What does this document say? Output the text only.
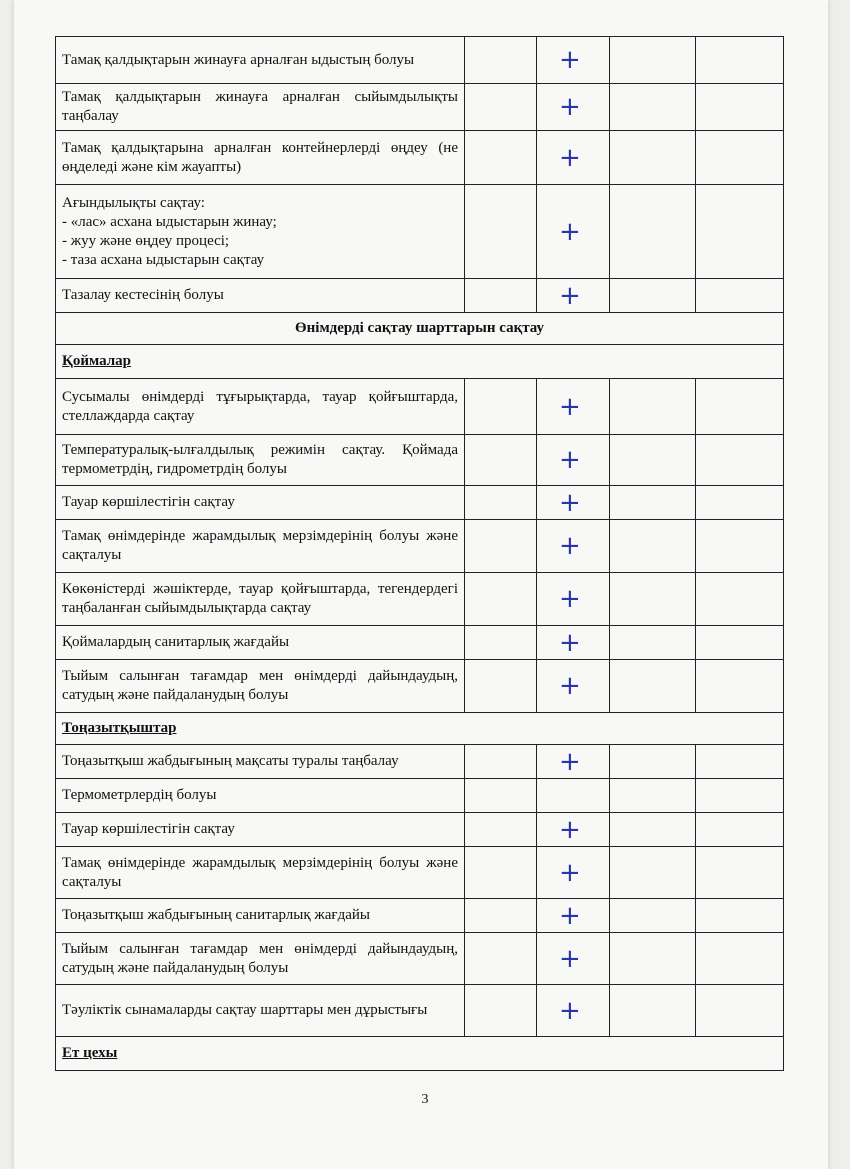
Тамақ қалдықтарын жинауға арналған ыдыстың болуы		+		

Тамақ қалдықтарын жинауға арналған сыйымдылықты таңбалау		+		

Тамақ қалдықтарына арналған контейнерлерді өңдеу (не өңделеді және кім жауапты)		+		

Ағындылықты сақтау:
- «лас» асхана ыдыстарын жинау;
- жуу және өңдеу процесі;
- таза асхана ыдыстарын сақтау		+		

Тазалау кестесінің болуы		+		

Өнімдерді сақтау шарттарын сақтау				
Қоймалар				
Сусымалы өнімдерді тұғырықтарда, тауар қойғыштарда, стеллаждарда сақтау		+		

Температуралық-ылғалдылық режимін сақтау. Қоймада термометрдің, гидрометрдің болуы		+		

Тауар көршілестігін сақтау		+		

Тамақ өнімдерінде жарамдылық мерзімдерінің болуы және сақталуы		+		

Көкөністерді жәшіктерде, тауар қойғыштарда, тегендердегі таңбаланған сыйымдылықтарда сақтау		+		

Қоймалардың санитарлық жағдайы		+		

Тыйым салынған тағамдар мен өнімдерді дайындаудың, сатудың және пайдаланудың болуы		+		

Тоңазытқыштар				
Тоңазытқыш жабдығының мақсаты туралы таңбалау		+		

Термометрлердің болуы				
Тауар көршілестігін сақтау		+		

Тамақ өнімдерінде жарамдылық мерзімдерінің болуы және сақталуы		+		

Тоңазытқыш жабдығының санитарлық жағдайы		+		

Тыйым салынған тағамдар мен өнімдерді дайындаудың, сатудың және пайдаланудың болуы		+		

Тәуліктік сынамаларды сақтау шарттары мен дұрыстығы		+		

Ет цехы				
3
